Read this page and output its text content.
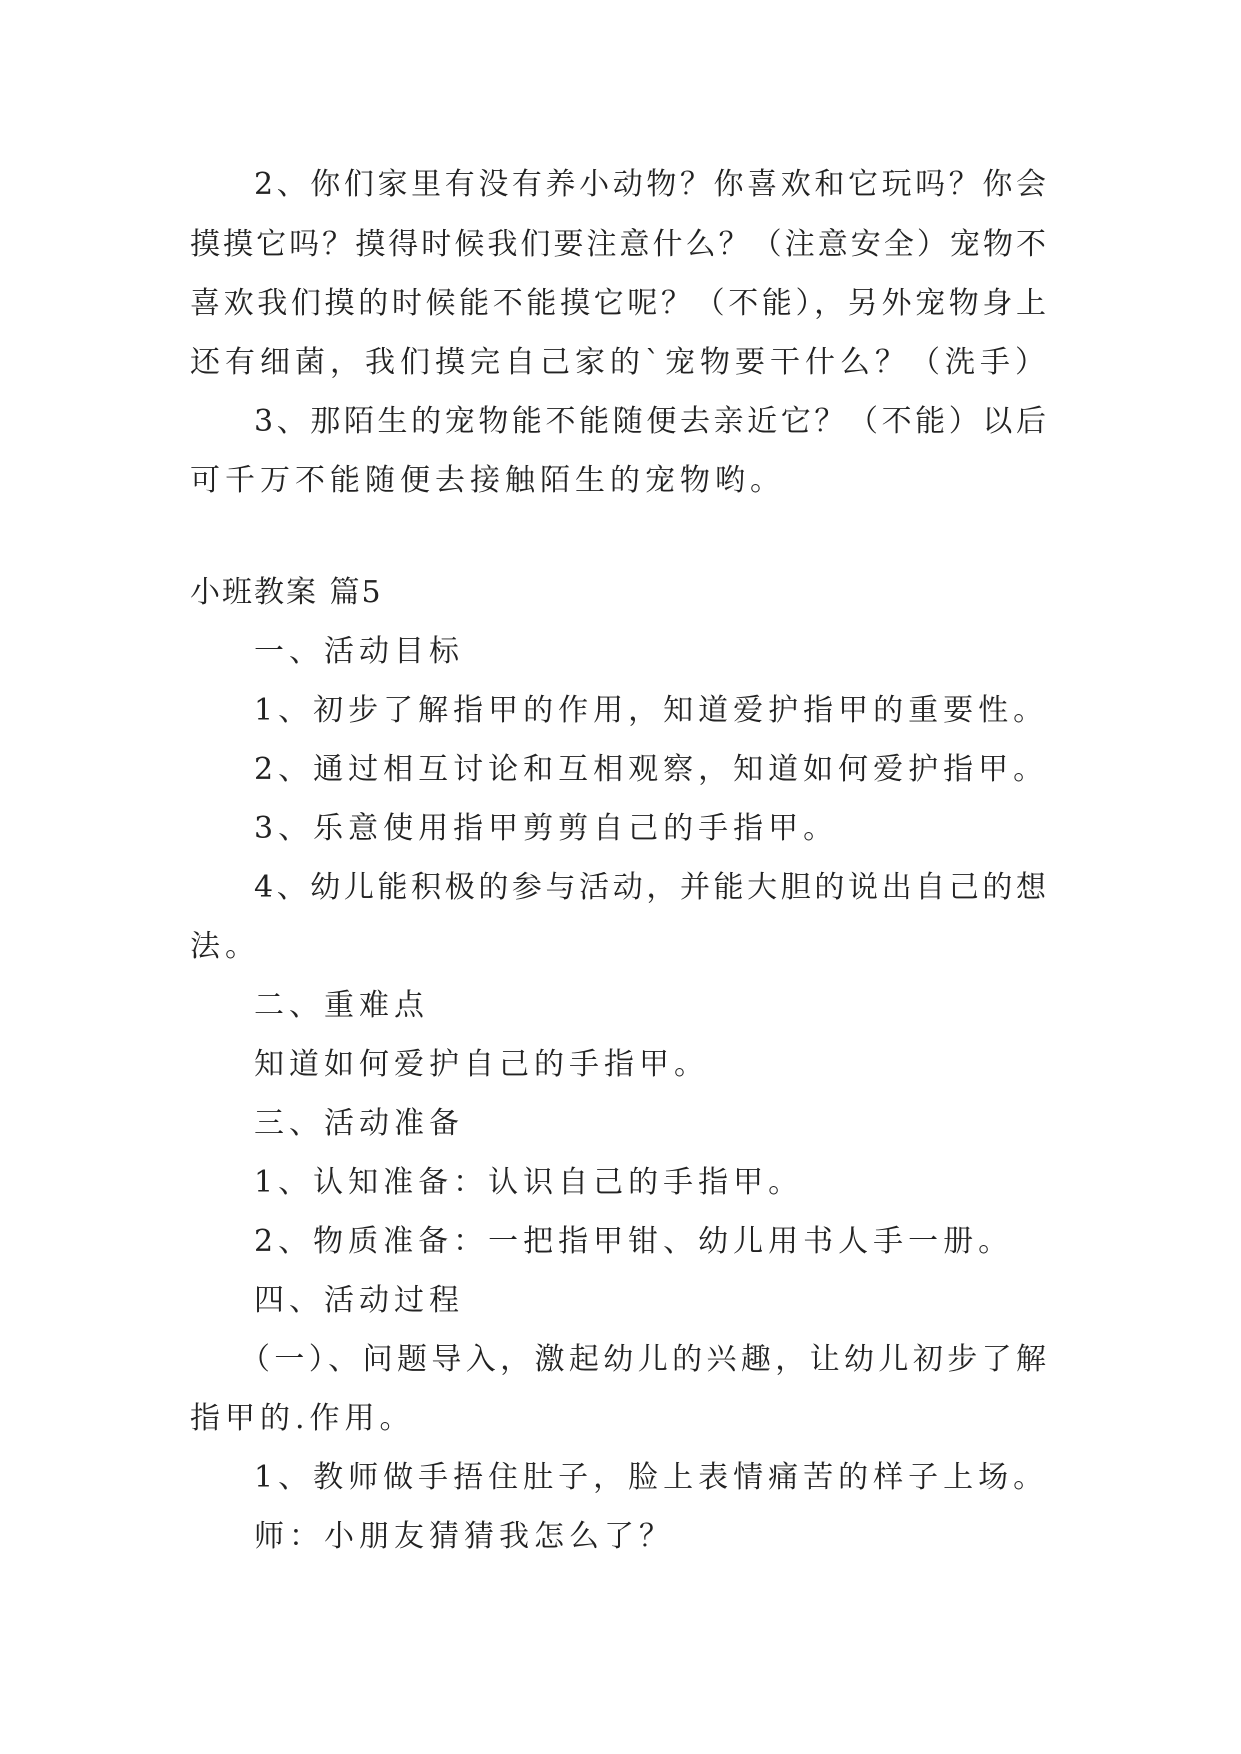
2、你们家里有没有养小动物？你喜欢和它玩吗？你会
摸摸它吗？摸得时候我们要注意什么？（注意安全）宠物不
喜欢我们摸的时候能不能摸它呢？（不能），另外宠物身上
还有细菌，我们摸完自己家的`宠物要干什么？（洗手）
3、那陌生的宠物能不能随便去亲近它？（不能）以后
可千万不能随便去接触陌生的宠物哟。
小班教案 篇5
一、活动目标
1、初步了解指甲的作用，知道爱护指甲的重要性。
2、通过相互讨论和互相观察，知道如何爱护指甲。
3、乐意使用指甲剪剪自己的手指甲。
4、幼儿能积极的参与活动，并能大胆的说出自己的想
法。
二、重难点
知道如何爱护自己的手指甲。
三、活动准备
1、认知准备：认识自己的手指甲。
2、物质准备：一把指甲钳、幼儿用书人手一册。
四、活动过程
（一）、问题导入，激起幼儿的兴趣，让幼儿初步了解
指甲的.作用。
1、教师做手捂住肚子，脸上表情痛苦的样子上场。
师：小朋友猜猜我怎么了？
